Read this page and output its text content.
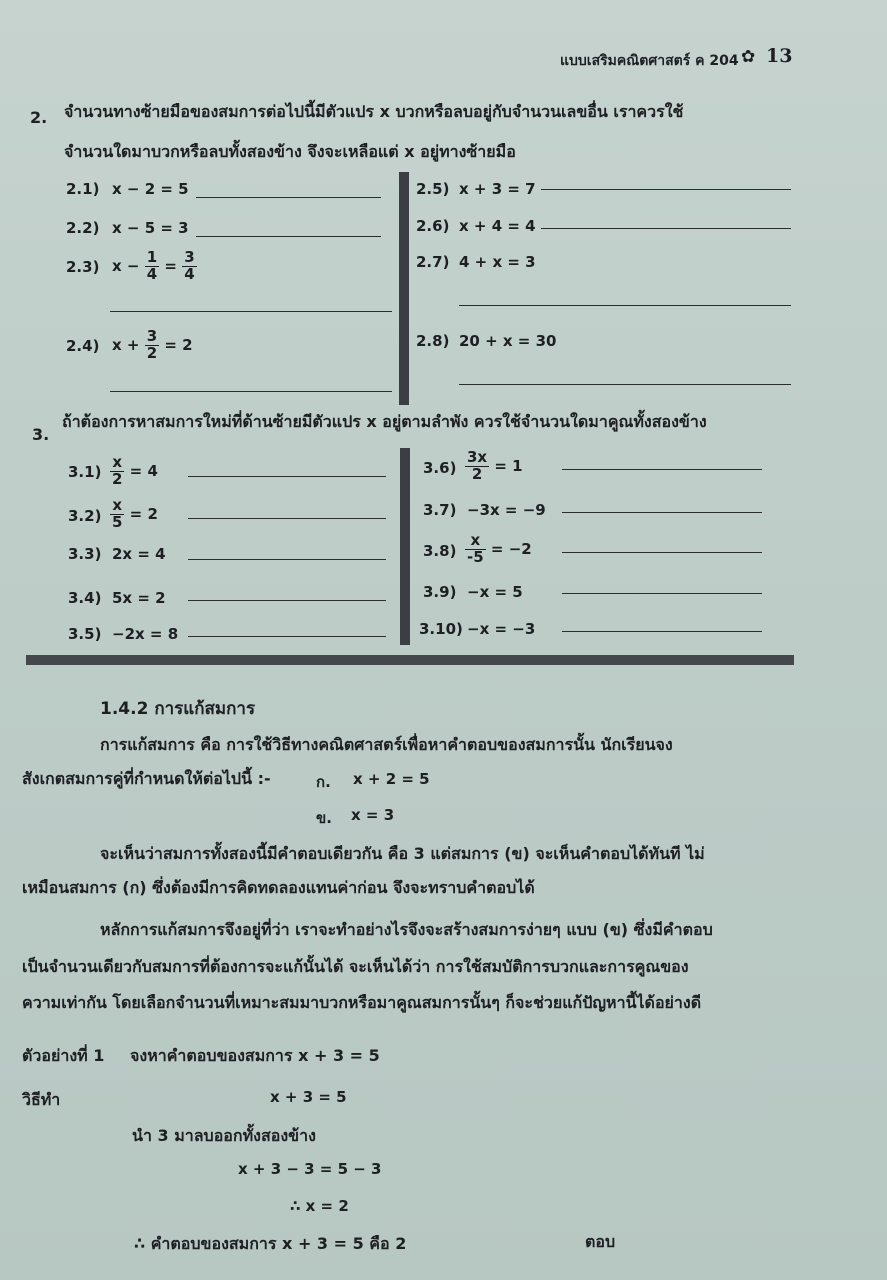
แบบเสริมคณิตศาสตร์ ค 204 ✿ 13
2. จำนวนทางซ้ายมือของสมการต่อไปนี้มีตัวแปร x บวกหรือลบอยู่กับจำนวนเลขอื่น เราควรใช้
จำนวนใดมาบวกหรือลบทั้งสองข้าง จึงจะเหลือแต่ x อยู่ทางซ้ายมือ
2.1) x − 2 = 5
2.2) x − 5 = 3
2.3) $x - \frac{1}{4} = \frac{3}{4}$
2.4) $x + \frac{3}{2} = 2$
2.5) x + 3 = 7
2.6) x + 4 = 4
2.7) 4 + x = 3
2.8) 20 + x = 30
3.
ถ้าต้องการหาสมการใหม่ที่ด้านซ้ายมีตัวแปร x อยู่ตามลำพัง ควรใช้จำนวนใดมาคูณทั้งสองข้าง
$3.1) \frac{x}{2} = 4$
$3.2) \frac{x}{5} = 2$
3.3) 2x = 4
3.4) 5x = 2
3.5) −2x = 8
$3.6) \frac{3x}{2} = 1$
3.7) −3x = −9
$3.8) \frac{x}{-5} = -2$
3.9) −x = 5
3.10) −x = −3
1.4.2 การแก้สมการ
การแก้สมการ คือ การใช้วิธีทางคณิตศาสตร์เพื่อหาคำตอบของสมการนั้น นักเรียนจง
สังเกตสมการคู่ที่กำหนดให้ต่อไปนี้ :-	ก. x + 2 = 5
ข. x = 3
จะเห็นว่าสมการทั้งสองนี้มีคำตอบเดียวกัน คือ 3 แต่สมการ (ข) จะเห็นคำตอบได้ทันที ไม่
เหมือนสมการ (ก) ซึ่งต้องมีการคิดทดลองแทนค่าก่อน จึงจะทราบคำตอบได้
หลักการแก้สมการจึงอยู่ที่ว่า เราจะทำอย่างไรจึงจะสร้างสมการง่ายๆ แบบ (ข) ซึ่งมีคำตอบ
เป็นจำนวนเดียวกับสมการที่ต้องการจะแก้นั้นได้ จะเห็นได้ว่า การใช้สมบัติการบวกและการคูณของ
ความเท่ากัน โดยเลือกจำนวนที่เหมาะสมมาบวกหรือมาคูณสมการนั้นๆ ก็จะช่วยแก้ปัญหานี้ได้อย่างดี
ตัวอย่างที่ 1 จงหาคำตอบของสมการ x + 3 = 5
วิธีทำ	x + 3 = 5
นำ 3 มาลบออกทั้งสองข้าง
x + 3 − 3 = 5 − 3
∴ x = 2
∴ คำตอบของสมการ x + 3 = 5 คือ 2	ตอบ
